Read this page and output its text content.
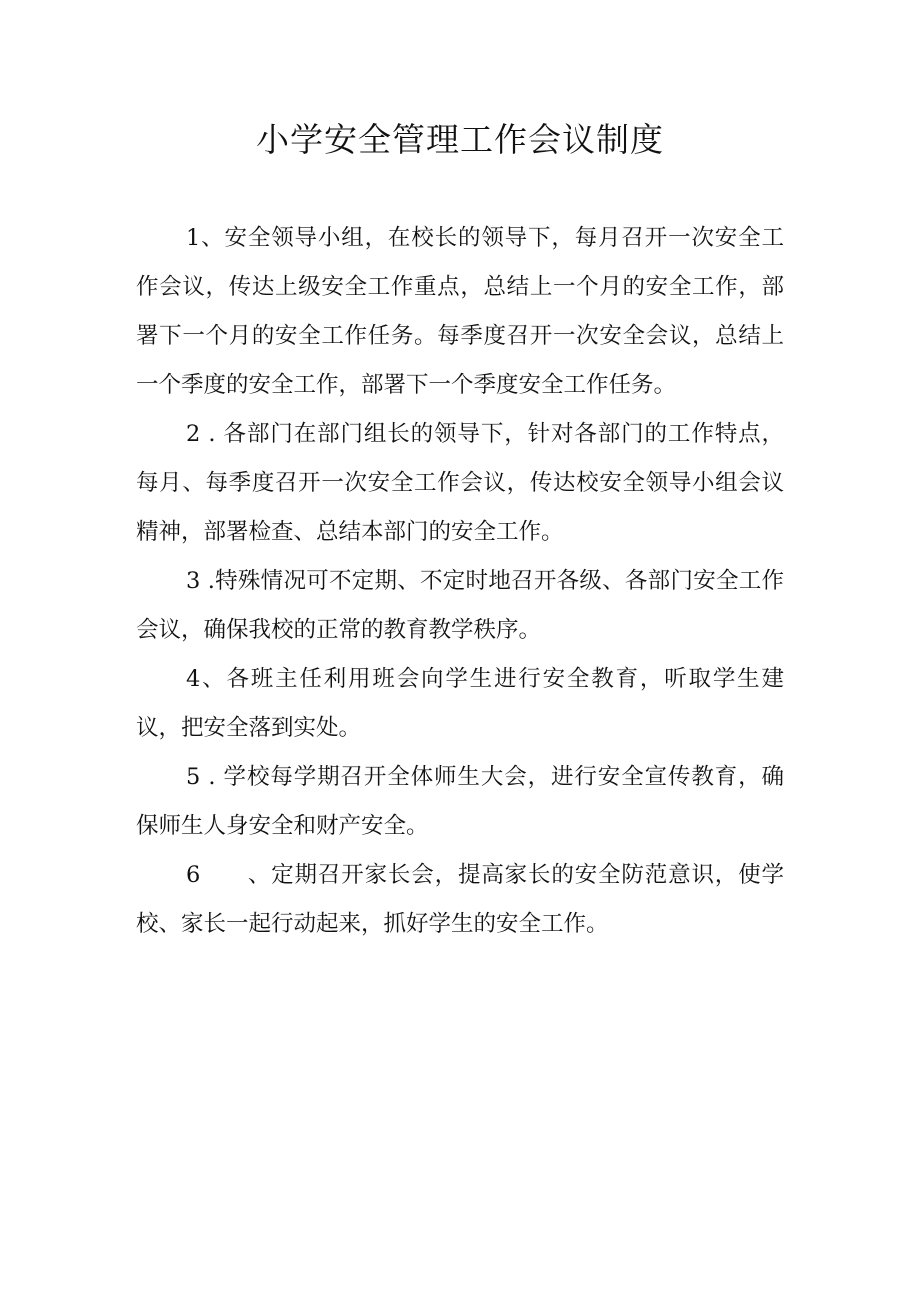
小学安全管理工作会议制度

1、安全领导小组，在校长的领导下，每月召开一次安全工作会议，传达上级安全工作重点，总结上一个月的安全工作，部署下一个月的安全工作任务。每季度召开一次安全会议，总结上一个季度的安全工作，部署下一个季度安全工作任务。

2 . 各部门在部门组长的领导下，针对各部门的工作特点，每月、每季度召开一次安全工作会议，传达校安全领导小组会议精神，部署检查、总结本部门的安全工作。

3 .特殊情况可不定期、不定时地召开各级、各部门安全工作会议，确保我校的正常的教育教学秩序。

4、各班主任利用班会向学生进行安全教育，听取学生建议，把安全落到实处。

5 . 学校每学期召开全体师生大会，进行安全宣传教育，确保师生人身安全和财产安全。

6　　、定期召开家长会，提高家长的安全防范意识，使学校、家长一起行动起来，抓好学生的安全工作。
